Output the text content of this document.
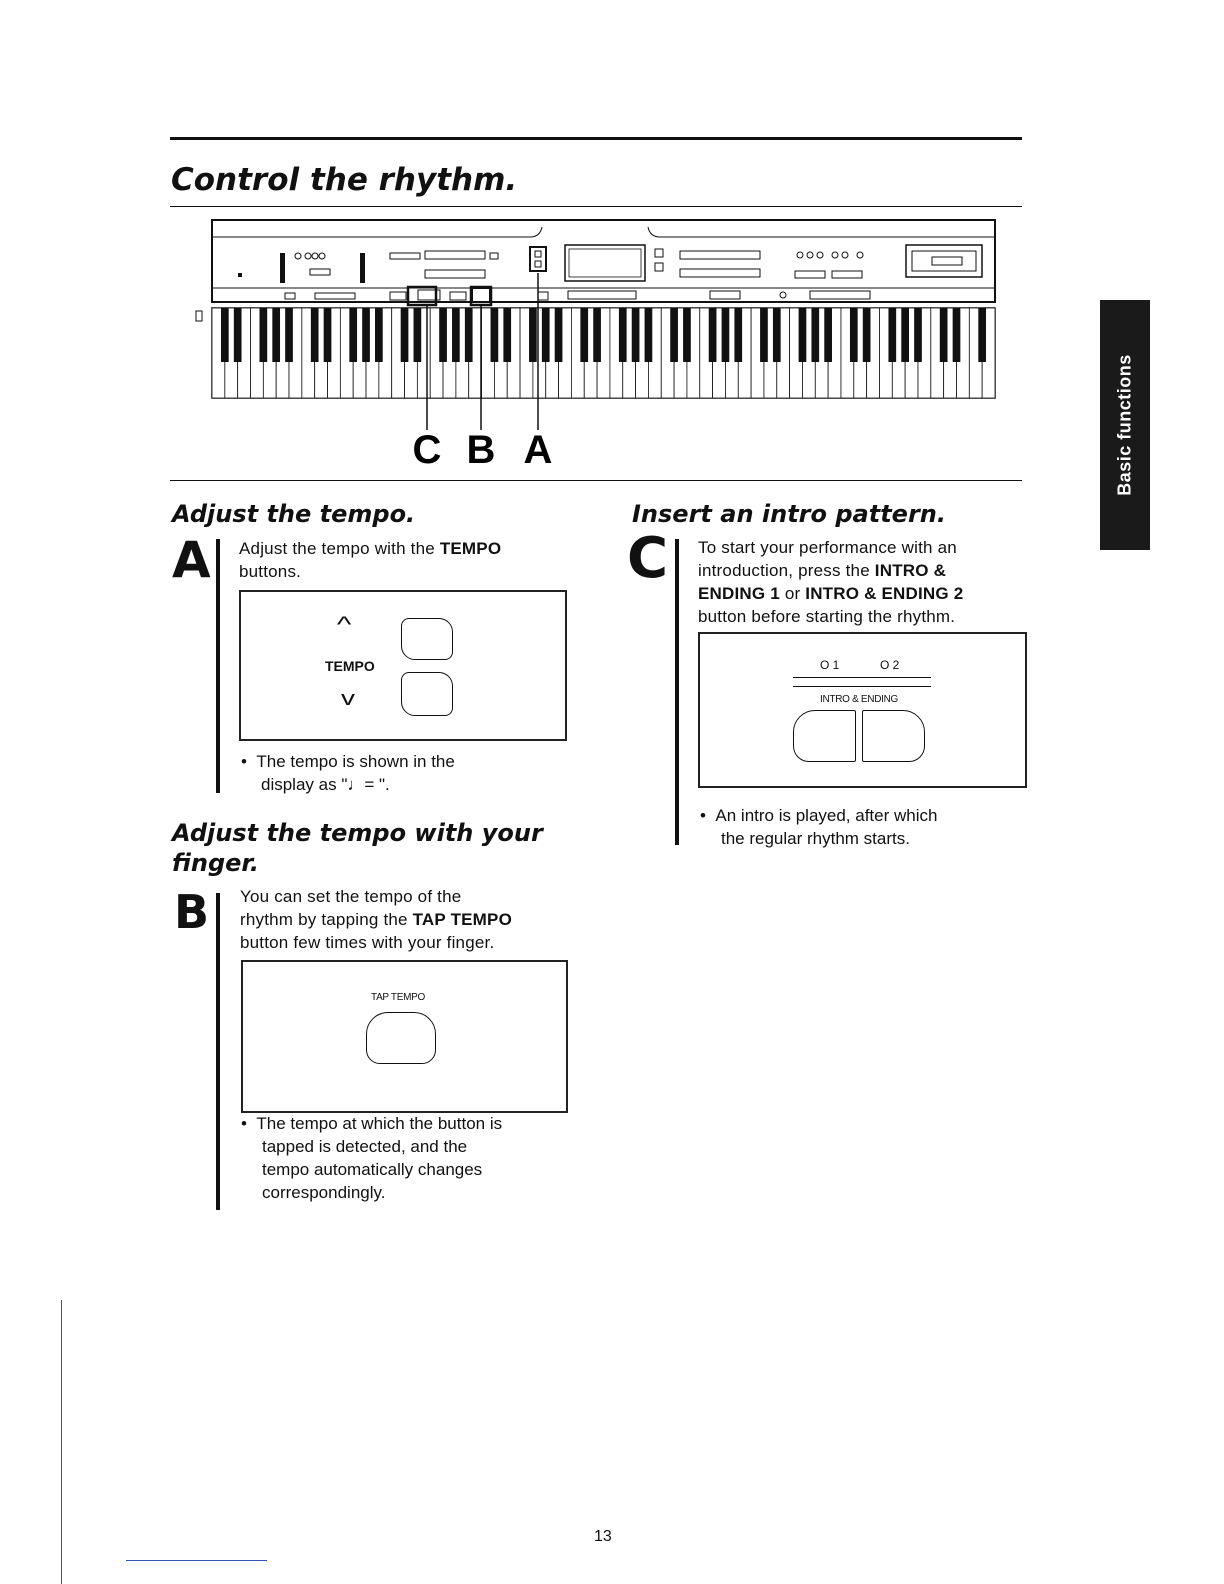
Basic functions
Control the rhythm.
C B A
Adjust the tempo.
A Adjust the tempo with the TEMPO
buttons.
^
TEMPO
v
•  The tempo is shown in the
display as "♩= ".
Adjust the tempo with your
finger.
B You can set the tempo of the
rhythm by tapping the TAP TEMPO
button few times with your finger.
TAP TEMPO
•  The tempo at which the button is
tapped is detected, and the
tempo automatically changes
correspondingly.
Insert an intro pattern.
C To start your performance with an
introduction, press the INTRO &
ENDING 1 or INTRO & ENDING 2
button before starting the rhythm.
O 1	O 2
INTRO & ENDING
•  An intro is played, after which
the regular rhythm starts.
13
